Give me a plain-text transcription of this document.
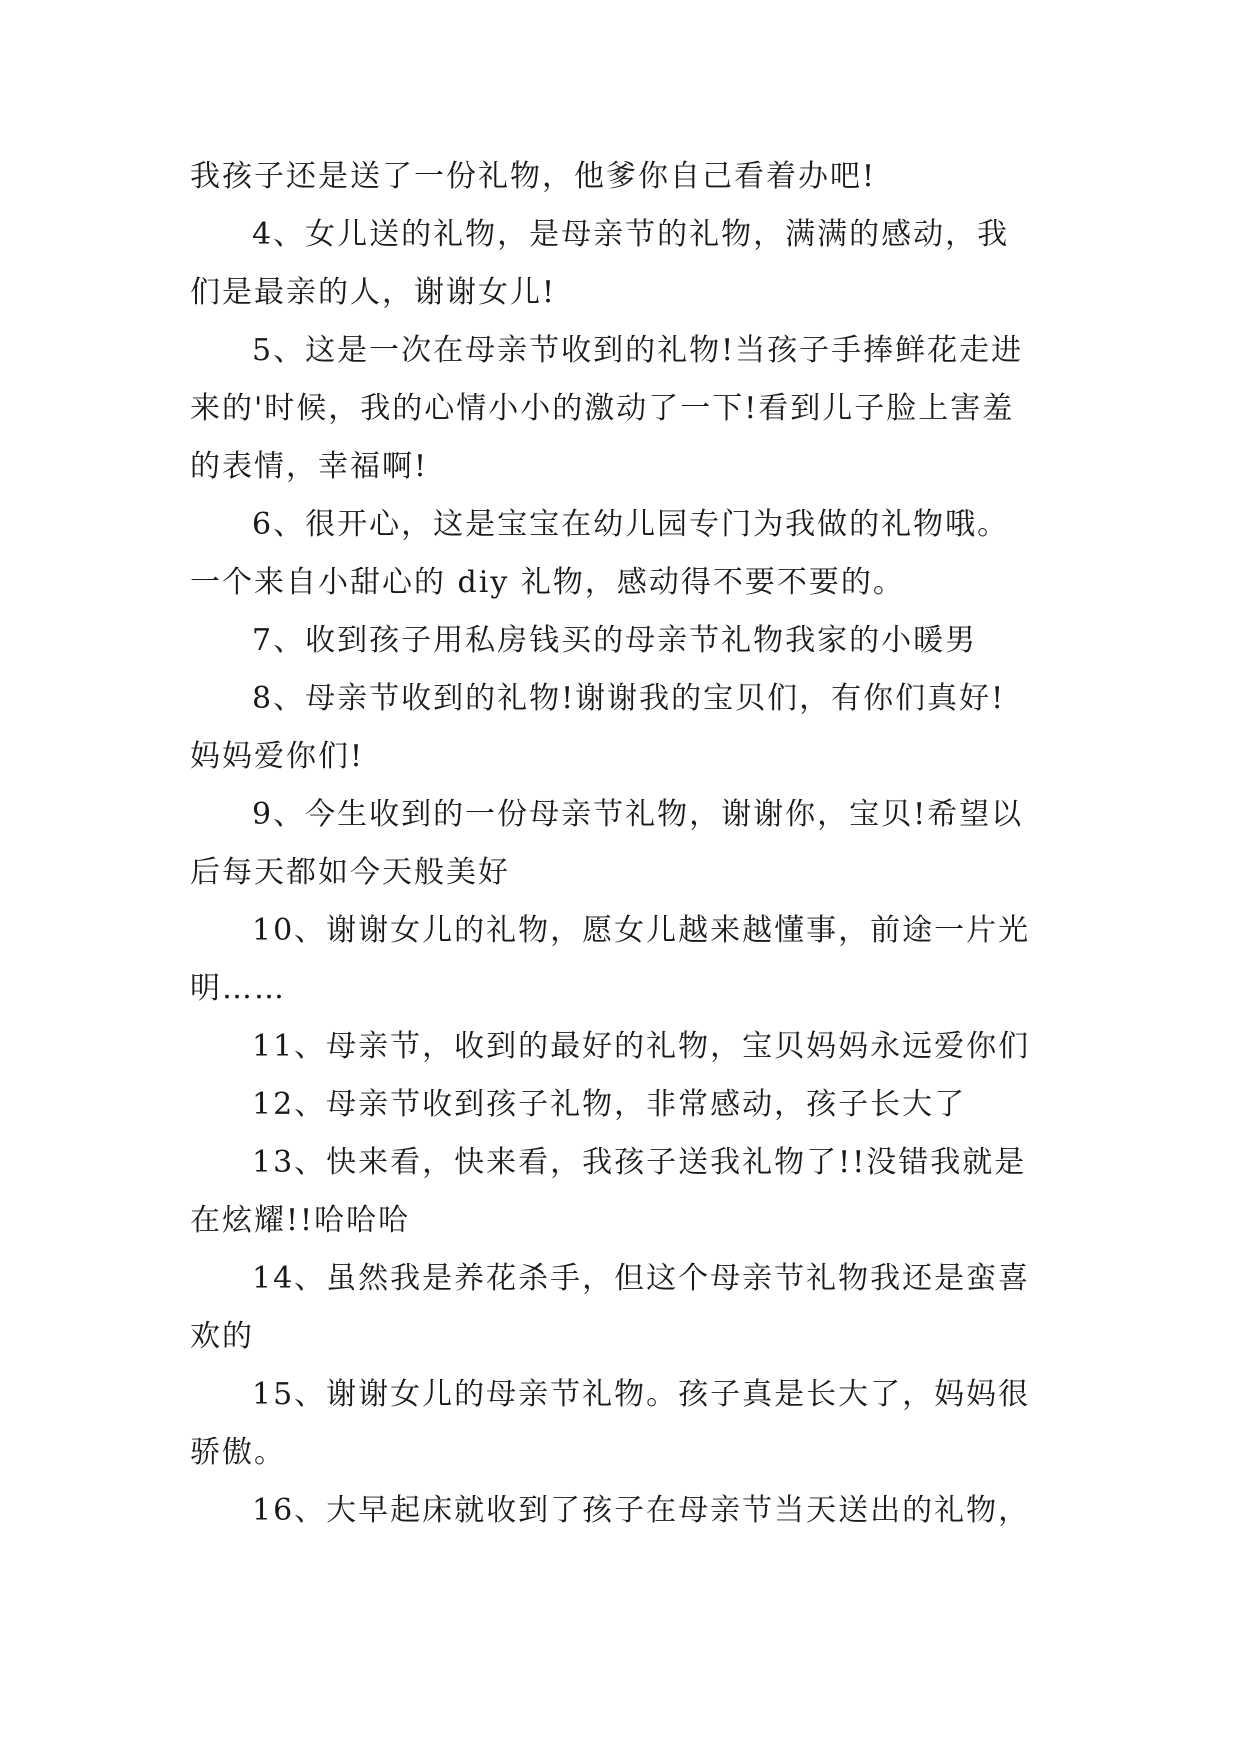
我孩子还是送了一份礼物，他爹你自己看着办吧!
4、女儿送的礼物，是母亲节的礼物，满满的感动，我
们是最亲的人，谢谢女儿!
5、这是一次在母亲节收到的礼物!当孩子手捧鲜花走进
来的'时候，我的心情小小的激动了一下!看到儿子脸上害羞
的表情，幸福啊!
6、很开心，这是宝宝在幼儿园专门为我做的礼物哦。
一个来自小甜心的 diy 礼物，感动得不要不要的。
7、收到孩子用私房钱买的母亲节礼物我家的小暖男
8、母亲节收到的礼物!谢谢我的宝贝们，有你们真好!
妈妈爱你们!
9、今生收到的一份母亲节礼物，谢谢你，宝贝!希望以
后每天都如今天般美好
10、谢谢女儿的礼物，愿女儿越来越懂事，前途一片光
明……
11、母亲节，收到的最好的礼物，宝贝妈妈永远爱你们
12、母亲节收到孩子礼物，非常感动，孩子长大了
13、快来看，快来看，我孩子送我礼物了!!没错我就是
在炫耀!!哈哈哈
14、虽然我是养花杀手，但这个母亲节礼物我还是蛮喜
欢的
15、谢谢女儿的母亲节礼物。孩子真是长大了，妈妈很
骄傲。
16、大早起床就收到了孩子在母亲节当天送出的礼物，
